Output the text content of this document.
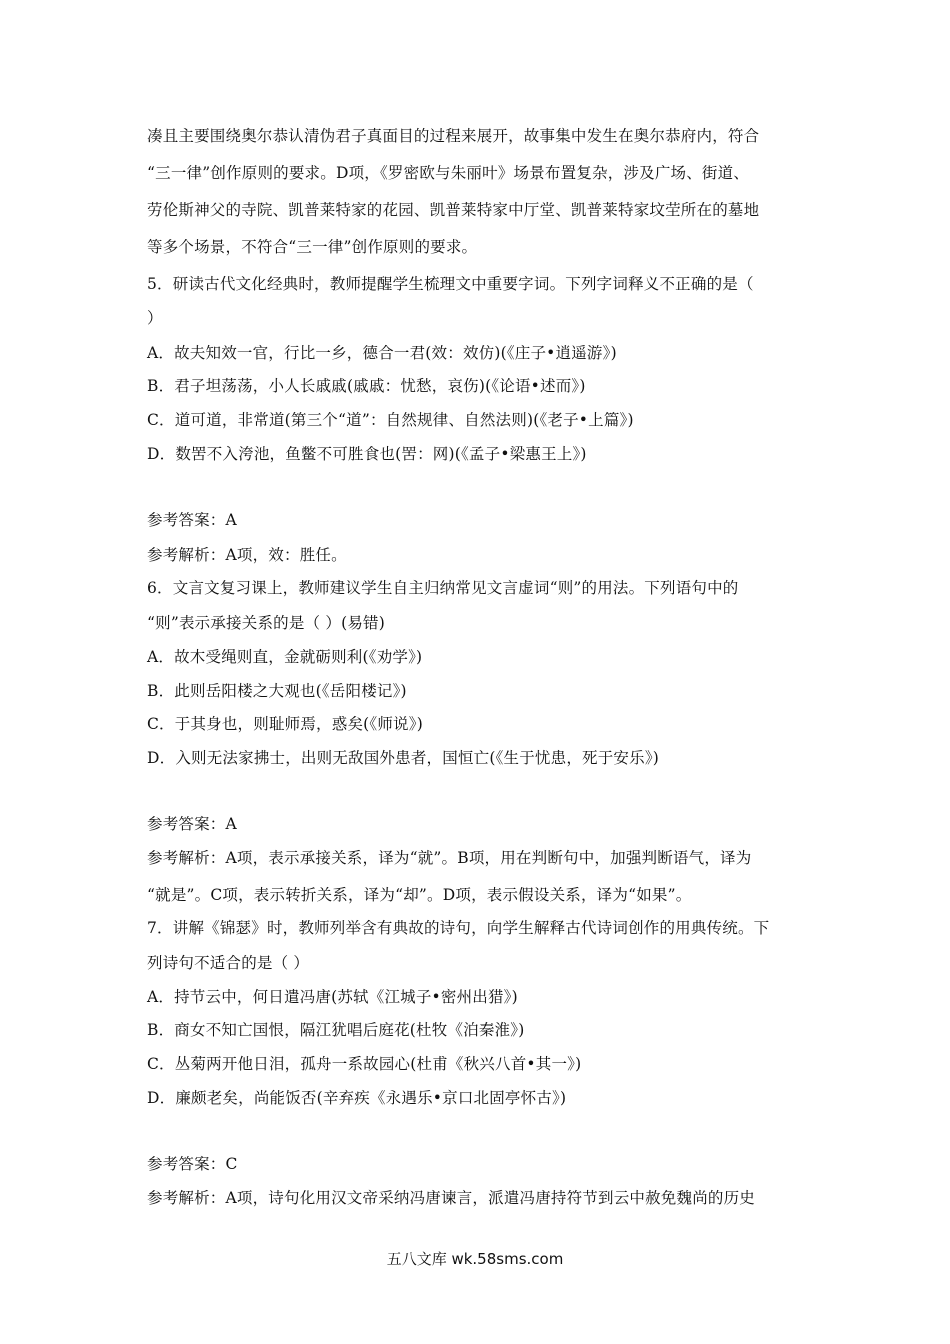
凑且主要围绕奥尔恭认清伪君子真面目的过程来展开，故事集中发生在奥尔恭府内，符合
“三一律”创作原则的要求。D项，《罗密欧与朱丽叶》场景布置复杂，涉及广场、街道、
劳伦斯神父的寺院、凯普莱特家的花园、凯普莱特家中厅堂、凯普莱特家坟茔所在的墓地
等多个场景，不符合“三一律”创作原则的要求。
5．研读古代文化经典时，教师提醒学生梳理文中重要字词。下列字词释义不正确的是（
）
A．故夫知效一官，行比一乡，德合一君(效：效仿)(《庄子•逍遥游》)
B．君子坦荡荡，小人长戚戚(戚戚：忧愁，哀伤)(《论语•述而》)
C．道可道，非常道(第三个“道”：自然规律、自然法则)(《老子•上篇》)
D．数罟不入洿池，鱼鳖不可胜食也(罟：网)(《孟子•梁惠王上》)
参考答案：A
参考解析：A项，效：胜任。
6．文言文复习课上，教师建议学生自主归纳常见文言虚词“则”的用法。下列语句中的
“则”表示承接关系的是（ ）(易错)
A．故木受绳则直，金就砺则利(《劝学》)
B．此则岳阳楼之大观也(《岳阳楼记》)
C．于其身也，则耻师焉，惑矣(《师说》)
D．入则无法家拂士，出则无敌国外患者，国恒亡(《生于忧患，死于安乐》)
参考答案：A
参考解析：A项，表示承接关系，译为“就”。B项，用在判断句中，加强判断语气，译为
“就是”。C项，表示转折关系，译为“却”。D项，表示假设关系，译为“如果”。
7．讲解《锦瑟》时，教师列举含有典故的诗句，向学生解释古代诗词创作的用典传统。下
列诗句不适合的是（ ）
A．持节云中，何日遣冯唐(苏轼《江城子•密州出猎》)
B．商女不知亡国恨，隔江犹唱后庭花(杜牧《泊秦淮》)
C．丛菊两开他日泪，孤舟一系故园心(杜甫《秋兴八首•其一》)
D．廉颇老矣，尚能饭否(辛弃疾《永遇乐•京口北固亭怀古》)
参考答案：C
参考解析：A项，诗句化用汉文帝采纳冯唐谏言，派遣冯唐持符节到云中赦免魏尚的历史
五八文库 wk.58sms.com
